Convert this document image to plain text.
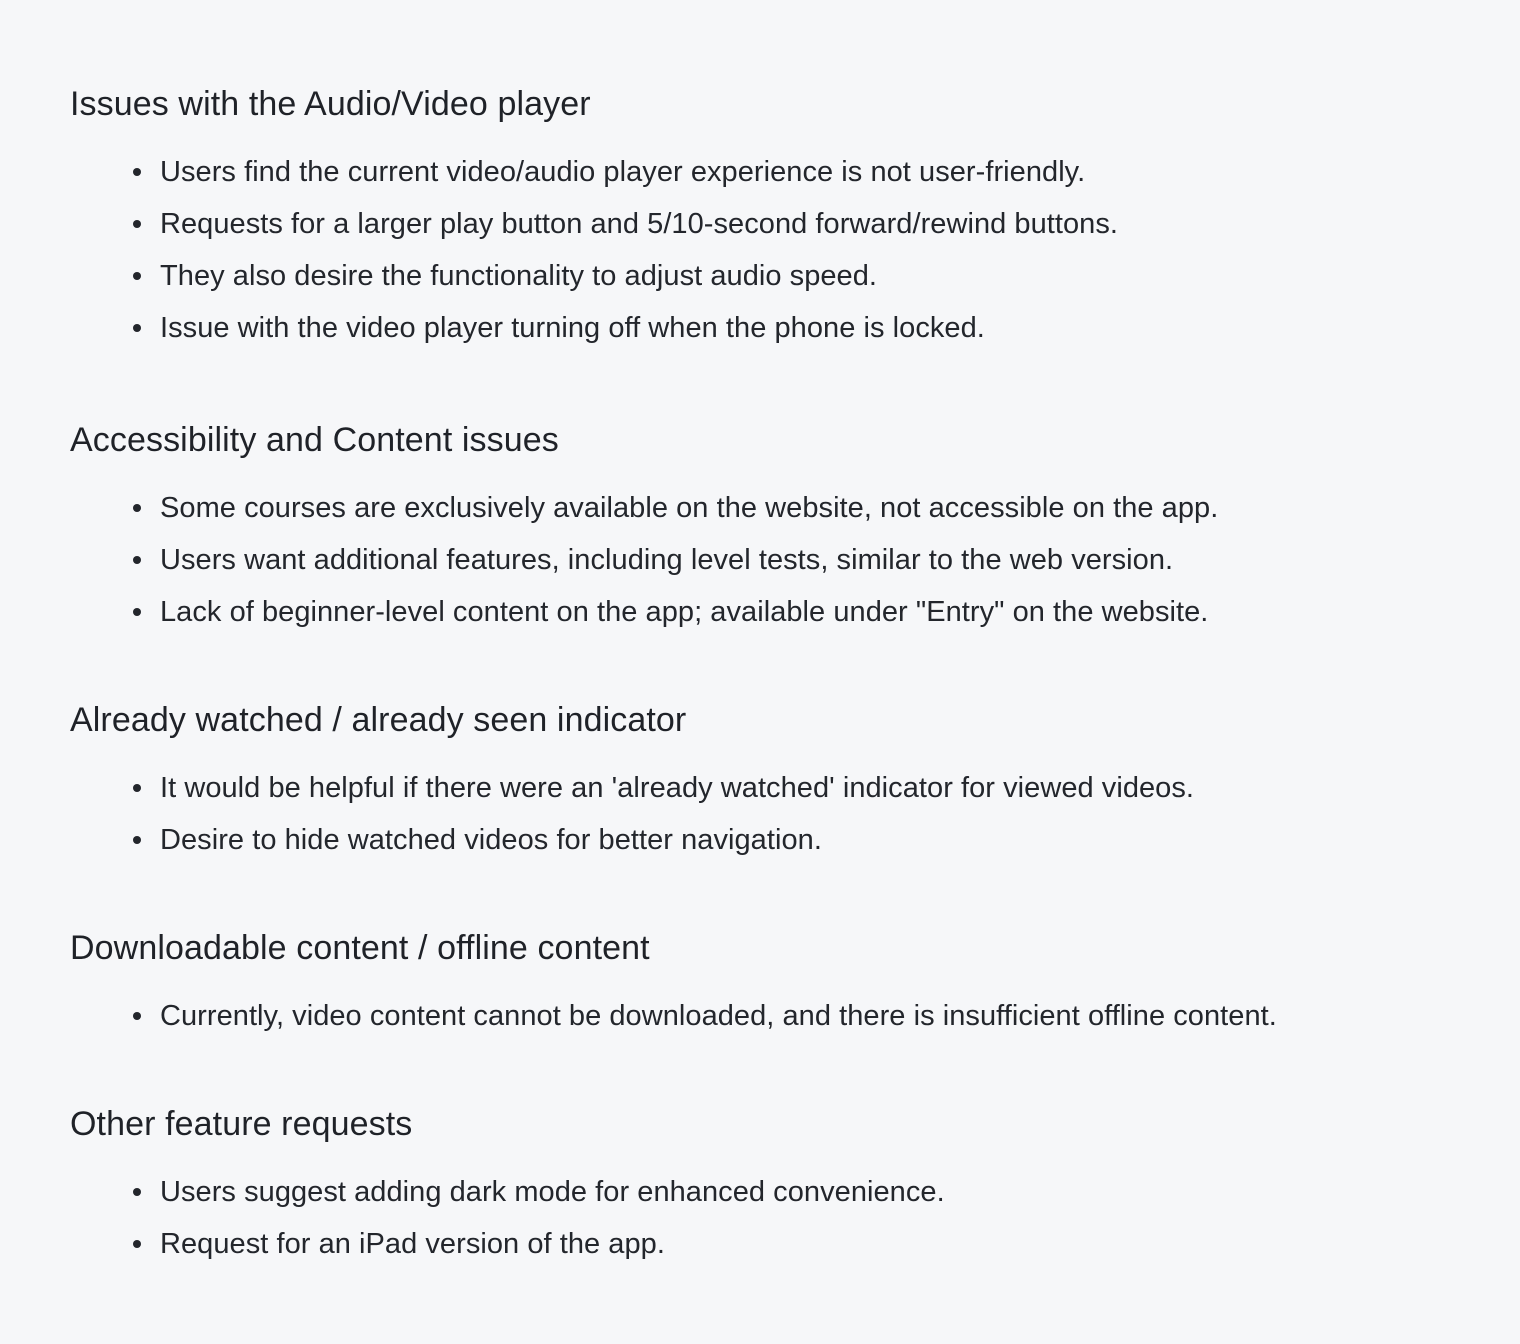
Issues with the Audio/Video player
Users find the current video/audio player experience is not user-friendly.
Requests for a larger play button and 5/10-second forward/rewind buttons.
They also desire the functionality to adjust audio speed.
Issue with the video player turning off when the phone is locked.
Accessibility and Content issues
Some courses are exclusively available on the website, not accessible on the app.
Users want additional features, including level tests, similar to the web version.
Lack of beginner-level content on the app; available under "Entry" on the website.
Already watched / already seen indicator
It would be helpful if there were an 'already watched' indicator for viewed videos.
Desire to hide watched videos for better navigation.
Downloadable content / offline content
Currently, video content cannot be downloaded, and there is insufficient offline content.
Other feature requests
Users suggest adding dark mode for enhanced convenience.
Request for an iPad version of the app.
